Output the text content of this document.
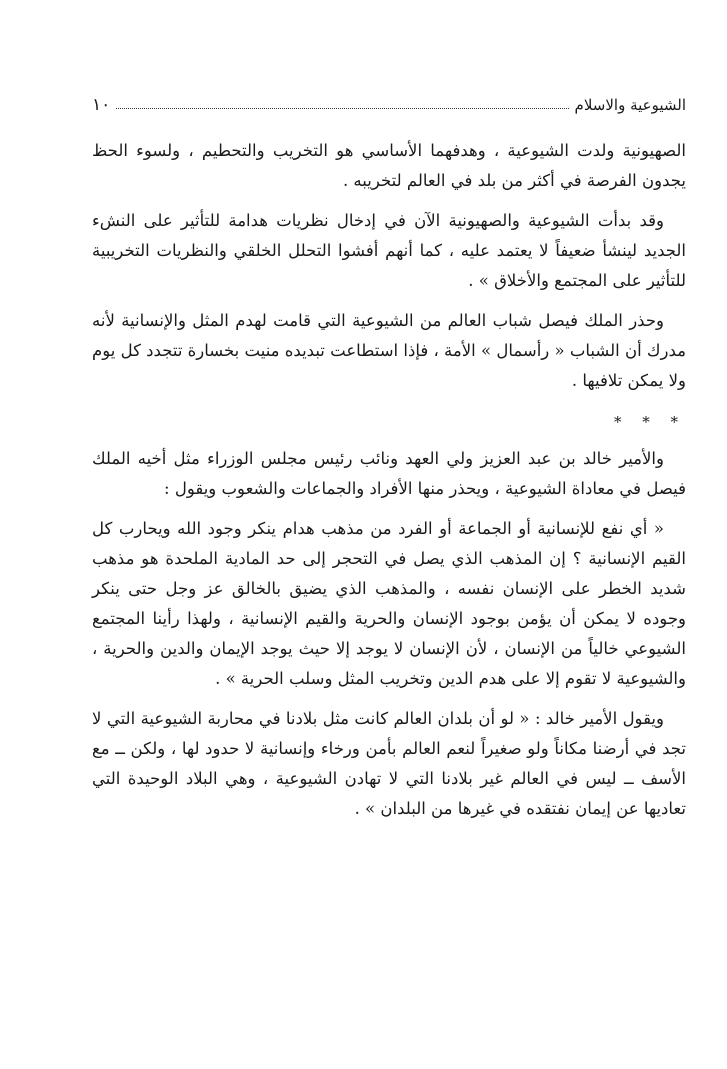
الشيوعية والاسلام
١٠

الصهيونية ولدت الشيوعية ، وهدفهما الأساسي هو التخريب والتحطيم ، ولسوء الحظ يجدون الفرصة في أكثر من بلد في العالم لتخريبه .

وقد بدأت الشيوعية والصهيونية الآن في إدخال نظريات هدامة للتأثير على النشء الجديد لينشأ ضعيفاً لا يعتمد عليه ، كما أنهم أفشوا التحلل الخلقي والنظريات التخريبية للتأثير على المجتمع والأخلاق » .

وحذر الملك فيصل شباب العالم من الشيوعية التي قامت لهدم المثل والإنسانية لأنه مدرك أن الشباب « رأسمال » الأمة ، فإذا استطاعت تبديده منيت بخسارة تتجدد كل يوم ولا يمكن تلافيها .

* * *

والأمير خالد بن عبد العزيز ولي العهد ونائب رئيس مجلس الوزراء مثل أخيه الملك فيصل في معاداة الشيوعية ، ويحذر منها الأفراد والجماعات والشعوب ويقول :

« أي نفع للإنسانية أو الجماعة أو الفرد من مذهب هدام ينكر وجود الله ويحارب كل القيم الإنسانية ؟ إن المذهب الذي يصل في التحجر إلى حد المادية الملحدة هو مذهب شديد الخطر على الإنسان نفسه ، والمذهب الذي يضيق بالخالق عز وجل حتى ينكر وجوده لا يمكن أن يؤمن بوجود الإنسان والحرية والقيم الإنسانية ، ولهذا رأينا المجتمع الشيوعي خالياً من الإنسان ، لأن الإنسان لا يوجد إلا حيث يوجد الإيمان والدين والحرية ، والشيوعية لا تقوم إلا على هدم الدين وتخريب المثل وسلب الحرية » .

ويقول الأمير خالد : « لو أن بلدان العالم كانت مثل بلادنا في محاربة الشيوعية التي لا تجد في أرضنا مكاناً ولو صغيراً لنعم العالم بأمن ورخاء وإنسانية لا حدود لها ، ولكن ــ مع الأسف ــ ليس في العالم غير بلادنا التي لا تهادن الشيوعية ، وهي البلاد الوحيدة التي تعاديها عن إيمان نفتقده في غيرها من البلدان » .
